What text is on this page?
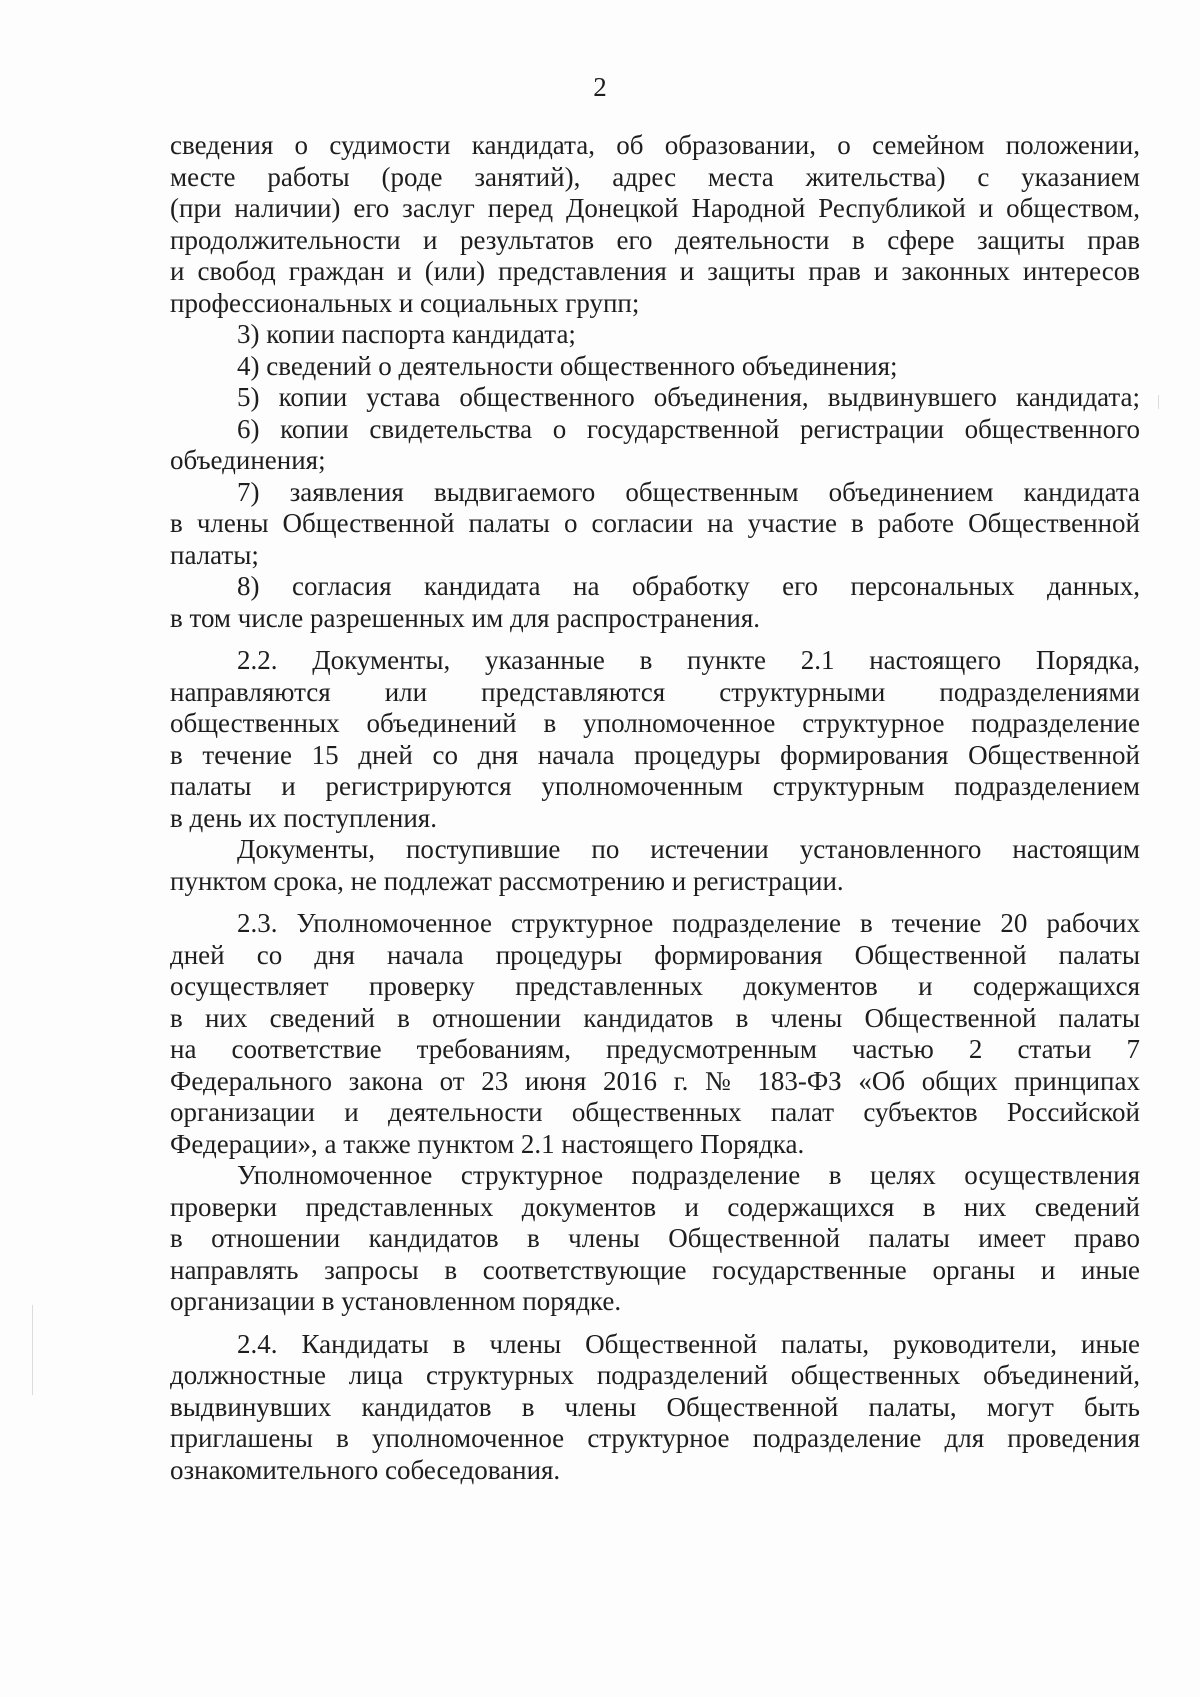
2
сведения о судимости кандидата, об образовании, о семейном положении,
месте работы (роде занятий), адрес места жительства) с указанием
(при наличии) его заслуг перед Донецкой Народной Республикой и обществом,
продолжительности и результатов его деятельности в сфере защиты прав
и свобод граждан и (или) представления и защиты прав и законных интересов
профессиональных и социальных групп;
3) копии паспорта кандидата;
4) сведений о деятельности общественного объединения;
5) копии устава общественного объединения, выдвинувшего кандидата;
6) копии свидетельства о государственной регистрации общественного
объединения;
7) заявления выдвигаемого общественным объединением кандидата
в члены Общественной палаты о согласии на участие в работе Общественной
палаты;
8) согласия кандидата на обработку его персональных данных,
в том числе разрешенных им для распространения.
2.2. Документы, указанные в пункте 2.1 настоящего Порядка,
направляются или представляются структурными подразделениями
общественных объединений в уполномоченное структурное подразделение
в течение 15 дней со дня начала процедуры формирования Общественной
палаты и регистрируются уполномоченным структурным подразделением
в день их поступления.
Документы, поступившие по истечении установленного настоящим
пунктом срока, не подлежат рассмотрению и регистрации.
2.3. Уполномоченное структурное подразделение в течение 20 рабочих
дней со дня начала процедуры формирования Общественной палаты
осуществляет проверку представленных документов и содержащихся
в них сведений в отношении кандидатов в члены Общественной палаты
на соответствие требованиям, предусмотренным частью 2 статьи 7
Федерального закона от 23 июня 2016 г. № 183-ФЗ «Об общих принципах
организации и деятельности общественных палат субъектов Российской
Федерации», а также пунктом 2.1 настоящего Порядка.
Уполномоченное структурное подразделение в целях осуществления
проверки представленных документов и содержащихся в них сведений
в отношении кандидатов в члены Общественной палаты имеет право
направлять запросы в соответствующие государственные органы и иные
организации в установленном порядке.
2.4. Кандидаты в члены Общественной палаты, руководители, иные
должностные лица структурных подразделений общественных объединений,
выдвинувших кандидатов в члены Общественной палаты, могут быть
приглашены в уполномоченное структурное подразделение для проведения
ознакомительного собеседования.
